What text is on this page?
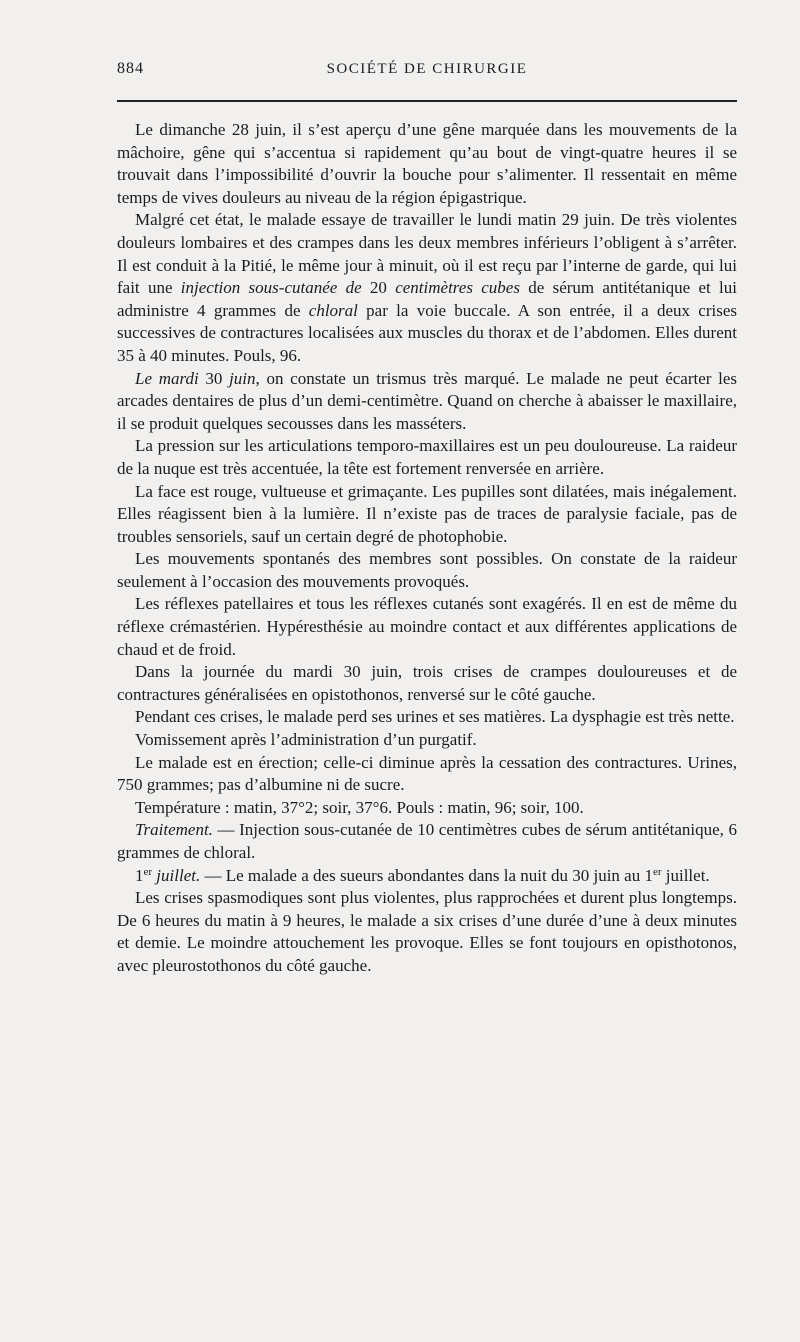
884	SOCIÉTÉ DE CHIRURGIE

Le dimanche 28 juin, il s’est aperçu d’une gêne marquée dans les mouvements de la mâchoire, gêne qui s’accentua si rapidement qu’au bout de vingt-quatre heures il se trouvait dans l’impossibilité d’ouvrir la bouche pour s’alimenter. Il ressentait en même temps de vives douleurs au niveau de la région épigastrique.

Malgré cet état, le malade essaye de travailler le lundi matin 29 juin. De très violentes douleurs lombaires et des crampes dans les deux membres inférieurs l’obligent à s’arrêter. Il est conduit à la Pitié, le même jour à minuit, où il est reçu par l’interne de garde, qui lui fait une injection sous-cutanée de 20 centimètres cubes de sérum antitétanique et lui administre 4 grammes de chloral par la voie buccale. A son entrée, il a deux crises successives de contractures localisées aux muscles du thorax et de l’abdomen. Elles durent 35 à 40 minutes. Pouls, 96.

Le mardi 30 juin, on constate un trismus très marqué. Le malade ne peut écarter les arcades dentaires de plus d’un demi-centimètre. Quand on cherche à abaisser le maxillaire, il se produit quelques secousses dans les masséters.

La pression sur les articulations temporo-maxillaires est un peu douloureuse. La raideur de la nuque est très accentuée, la tête est fortement renversée en arrière.

La face est rouge, vultueuse et grimaçante. Les pupilles sont dilatées, mais inégalement. Elles réagissent bien à la lumière. Il n’existe pas de traces de paralysie faciale, pas de troubles sensoriels, sauf un certain degré de photophobie.

Les mouvements spontanés des membres sont possibles. On constate de la raideur seulement à l’occasion des mouvements provoqués.

Les réflexes patellaires et tous les réflexes cutanés sont exagérés. Il en est de même du réflexe crémastérien. Hypéresthésie au moindre contact et aux différentes applications de chaud et de froid.

Dans la journée du mardi 30 juin, trois crises de crampes douloureuses et de contractures généralisées en opistothonos, renversé sur le côté gauche.

Pendant ces crises, le malade perd ses urines et ses matières. La dysphagie est très nette.

Vomissement après l’administration d’un purgatif.

Le malade est en érection; celle-ci diminue après la cessation des contractures. Urines, 750 grammes; pas d’albumine ni de sucre.

Température : matin, 37°2; soir, 37°6. Pouls : matin, 96; soir, 100.

Traitement. — Injection sous-cutanée de 10 centimètres cubes de sérum antitétanique, 6 grammes de chloral.

1er juillet. — Le malade a des sueurs abondantes dans la nuit du 30 juin au 1er juillet.

Les crises spasmodiques sont plus violentes, plus rapprochées et durent plus longtemps. De 6 heures du matin à 9 heures, le malade a six crises d’une durée d’une à deux minutes et demie. Le moindre attouchement les provoque. Elles se font toujours en opisthotonos, avec pleurostothonos du côté gauche.
